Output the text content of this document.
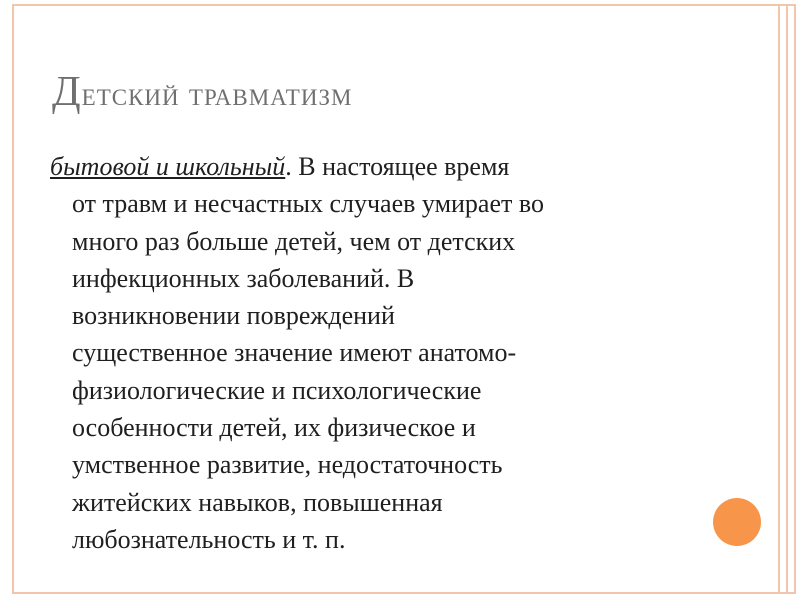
Детский травматизм
бытовой и школьный. В настоящее время
от травм и несчастных случаев умирает во
много раз больше детей, чем от детских
инфекционных заболеваний. В
возникновении повреждений
существенное значение имеют анатомо-
физиологические и психологические
особенности детей, их физическое и
умственное развитие, недостаточность
житейских навыков, повышенная
любознательность и т. п.
